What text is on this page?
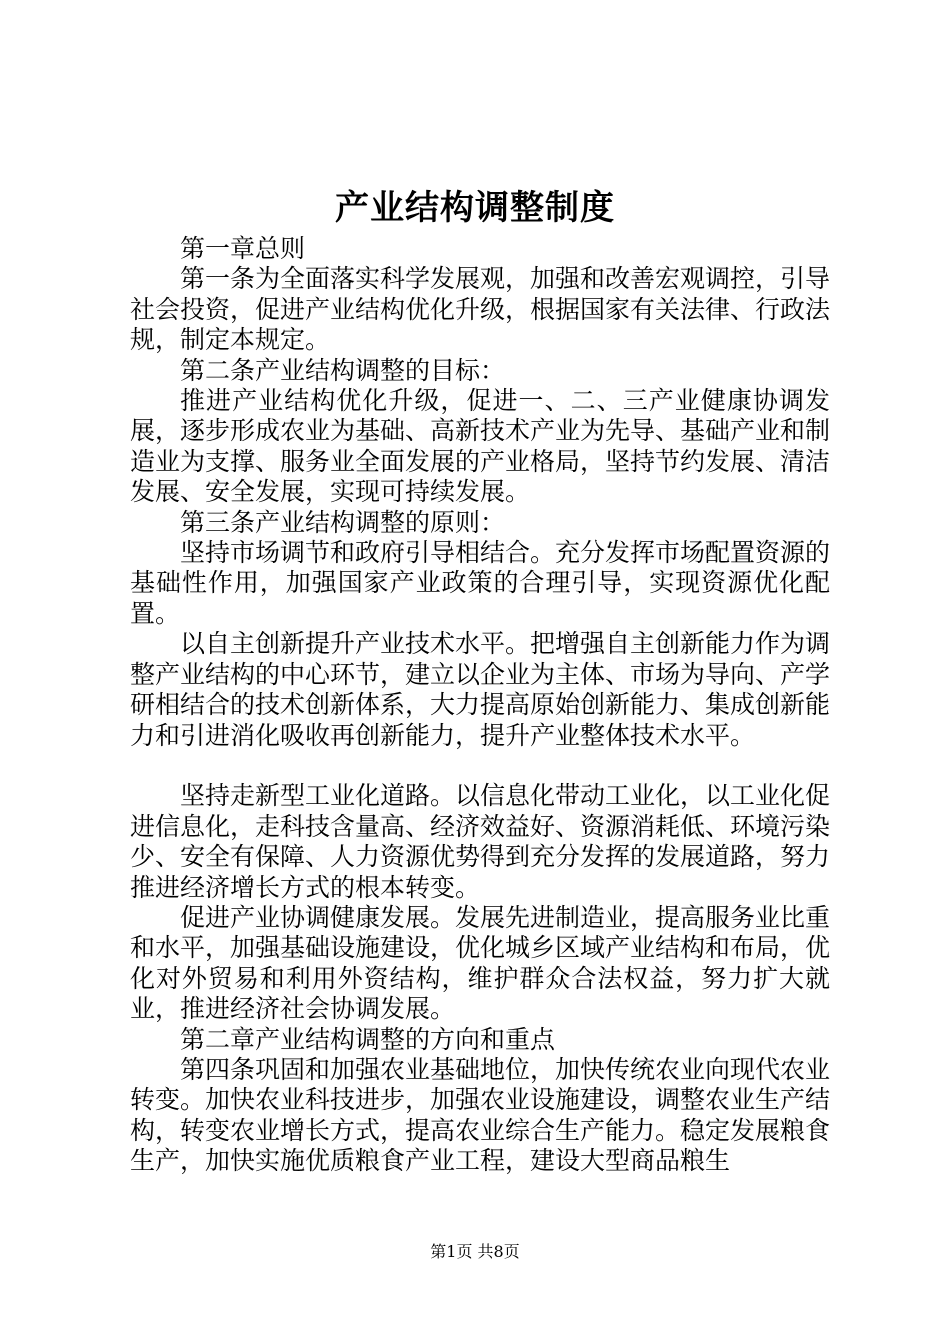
产业结构调整制度

第一章总则

第一条为全面落实科学发展观，加强和改善宏观调控，引导社会投资，促进产业结构优化升级，根据国家有关法律、行政法规，制定本规定。

第二条产业结构调整的目标：

推进产业结构优化升级，促进一、二、三产业健康协调发展，逐步形成农业为基础、高新技术产业为先导、基础产业和制造业为支撑、服务业全面发展的产业格局，坚持节约发展、清洁发展、安全发展，实现可持续发展。

第三条产业结构调整的原则：

坚持市场调节和政府引导相结合。充分发挥市场配置资源的基础性作用，加强国家产业政策的合理引导，实现资源优化配置。

以自主创新提升产业技术水平。把增强自主创新能力作为调整产业结构的中心环节，建立以企业为主体、市场为导向、产学研相结合的技术创新体系，大力提高原始创新能力、集成创新能力和引进消化吸收再创新能力，提升产业整体技术水平。

坚持走新型工业化道路。以信息化带动工业化，以工业化促进信息化，走科技含量高、经济效益好、资源消耗低、环境污染少、安全有保障、人力资源优势得到充分发挥的发展道路，努力推进经济增长方式的根本转变。

促进产业协调健康发展。发展先进制造业，提高服务业比重和水平，加强基础设施建设，优化城乡区域产业结构和布局，优化对外贸易和利用外资结构，维护群众合法权益，努力扩大就业，推进经济社会协调发展。

第二章产业结构调整的方向和重点

第四条巩固和加强农业基础地位，加快传统农业向现代农业转变。加快农业科技进步，加强农业设施建设，调整农业生产结构，转变农业增长方式，提高农业综合生产能力。稳定发展粮食生产，加快实施优质粮食产业工程，建设大型商品粮生

第1页 共8页
